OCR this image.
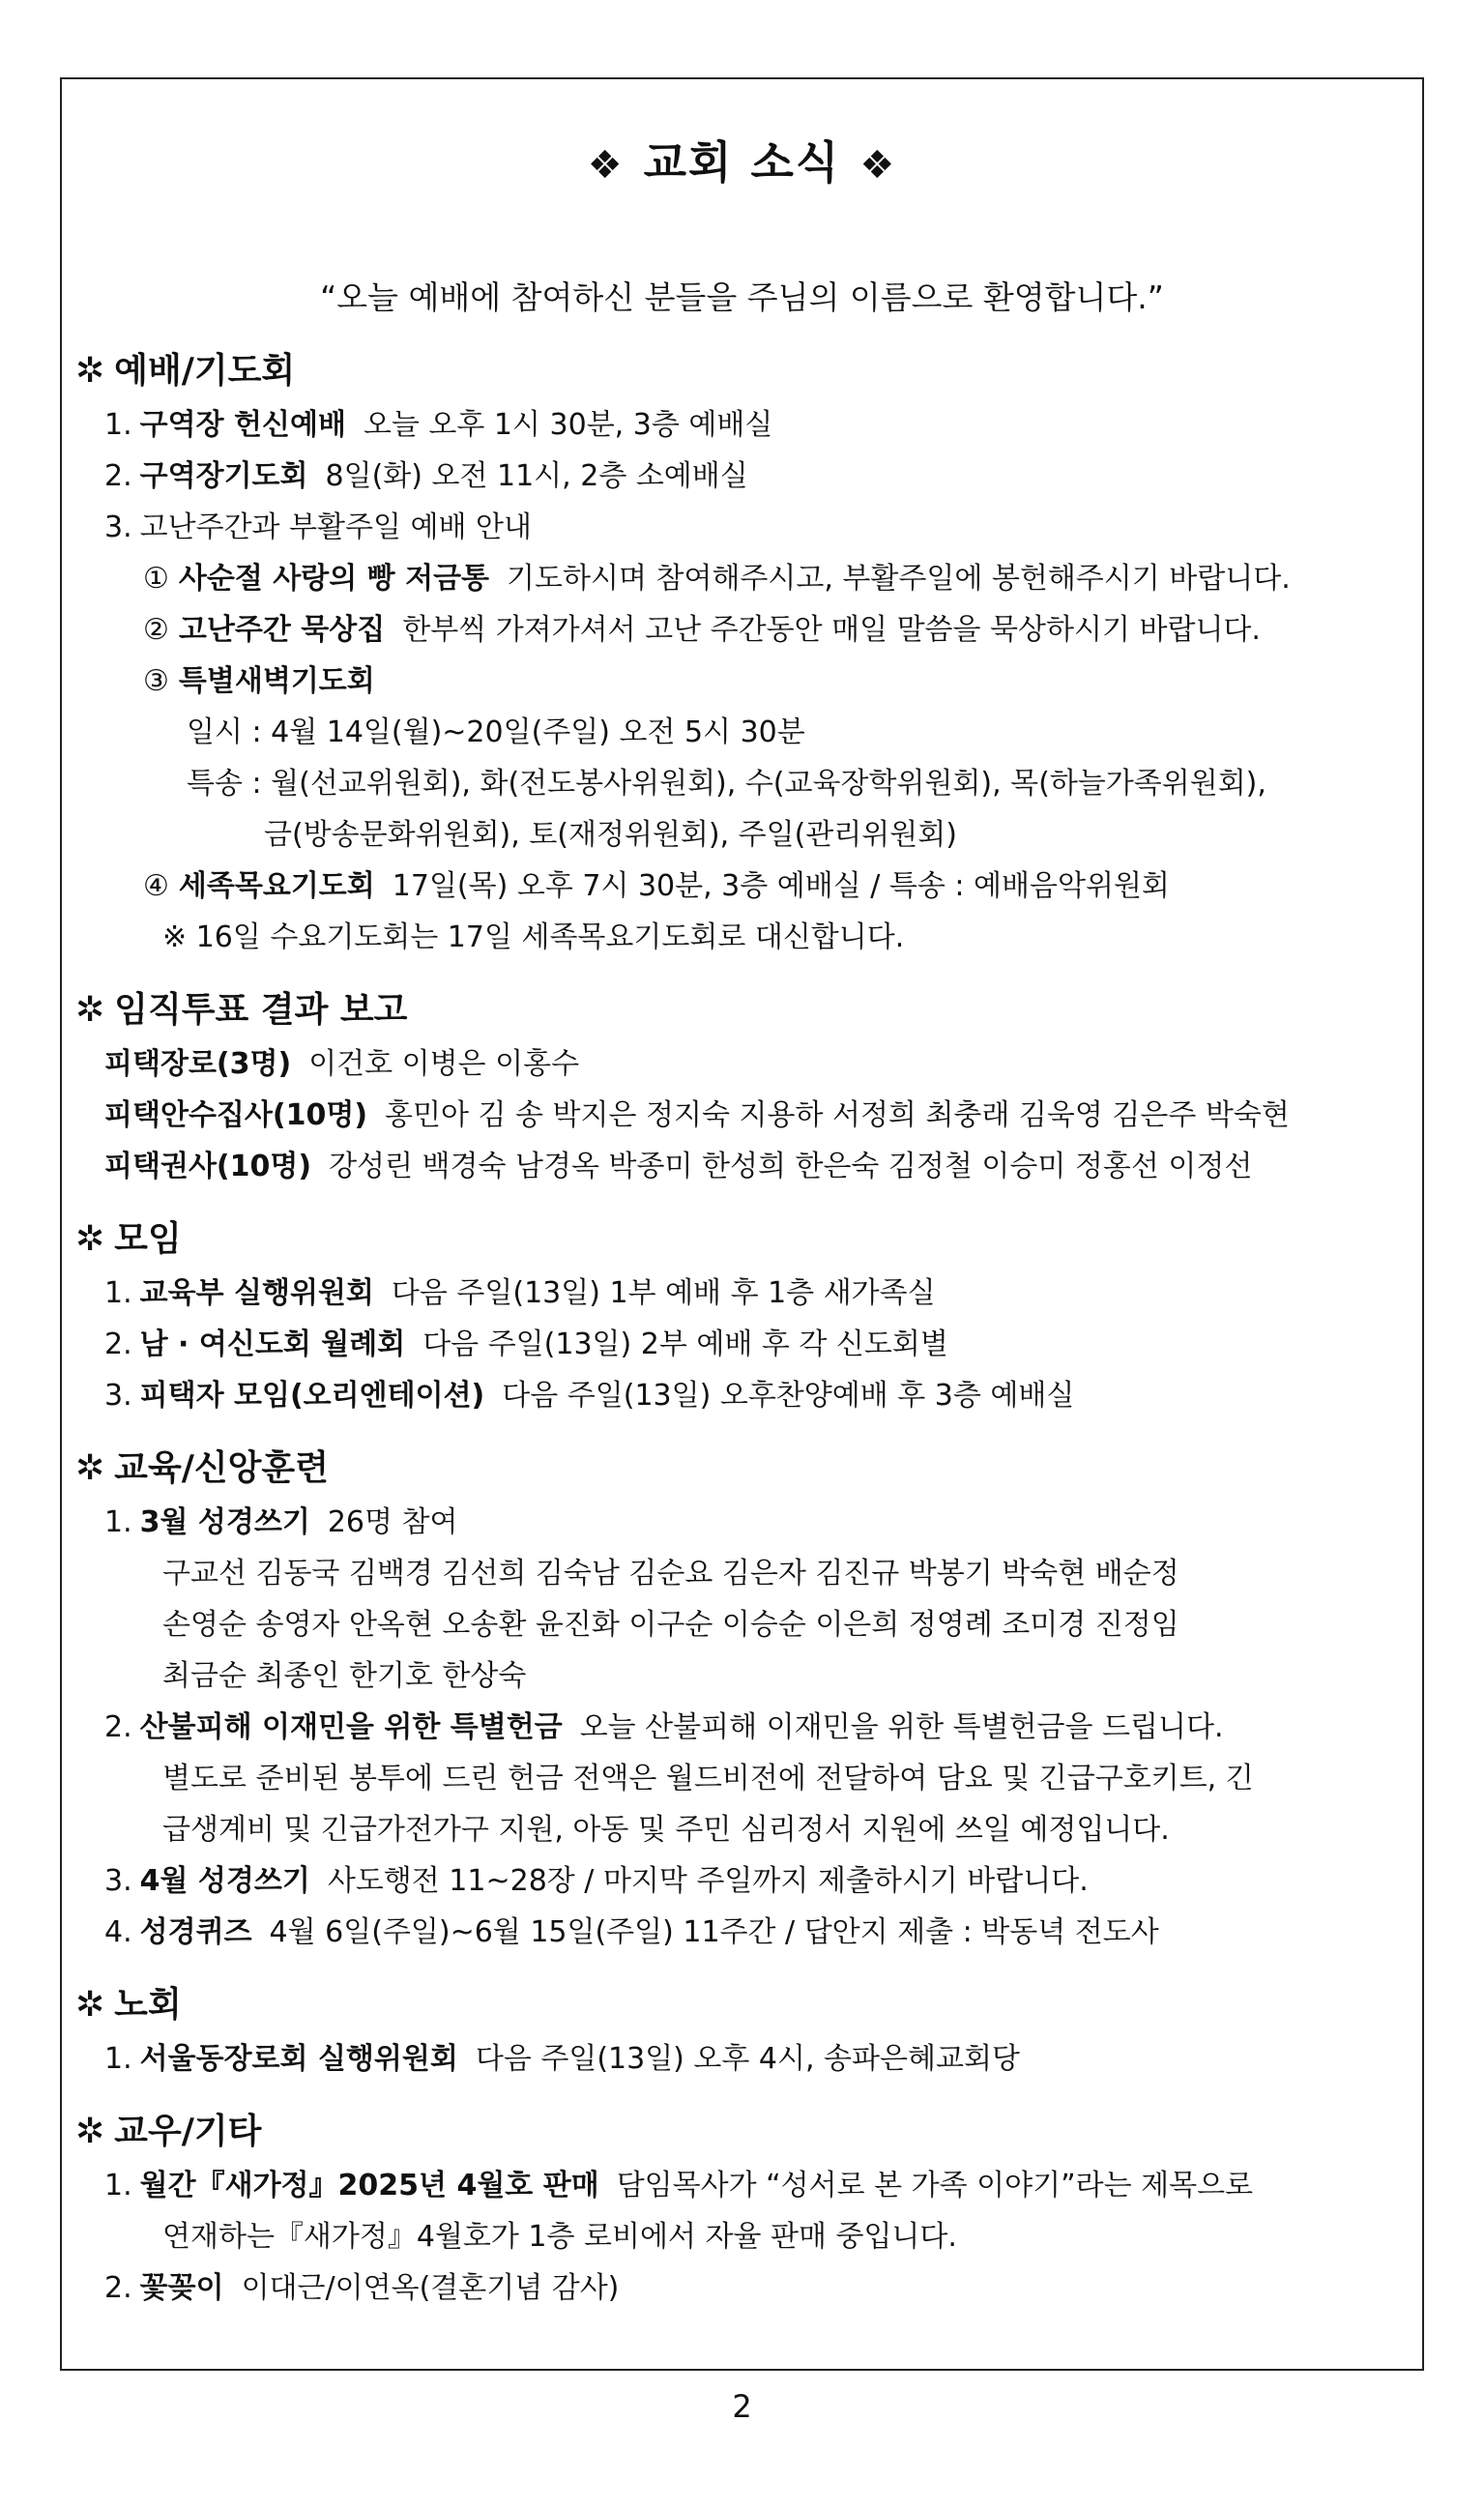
❖ 교회 소식 ❖
“오늘 예배에 참여하신 분들을 주님의 이름으로 환영합니다.”
✲ 예배/기도회
1. 구역장 헌신예배 오늘 오후 1시 30분, 3층 예배실
2. 구역장기도회 8일(화) 오전 11시, 2층 소예배실
3. 고난주간과 부활주일 예배 안내
① 사순절 사랑의 빵 저금통 기도하시며 참여해주시고, 부활주일에 봉헌해주시기 바랍니다.
② 고난주간 묵상집 한부씩 가져가셔서 고난 주간동안 매일 말씀을 묵상하시기 바랍니다.
③ 특별새벽기도회
일시 : 4월 14일(월)~20일(주일) 오전 5시 30분
특송 : 월(선교위원회), 화(전도봉사위원회), 수(교육장학위원회), 목(하늘가족위원회),
금(방송문화위원회), 토(재정위원회), 주일(관리위원회)
④ 세족목요기도회 17일(목) 오후 7시 30분, 3층 예배실 / 특송 : 예배음악위원회
※ 16일 수요기도회는 17일 세족목요기도회로 대신합니다.
✲ 임직투표 결과 보고
피택장로(3명) 이건호 이병은 이홍수
피택안수집사(10명) 홍민아 김 송 박지은 정지숙 지용하 서정희 최충래 김욱영 김은주 박숙현
피택권사(10명) 강성린 백경숙 남경옥 박종미 한성희 한은숙 김정철 이승미 정홍선 이정선
✲ 모임
1. 교육부 실행위원회 다음 주일(13일) 1부 예배 후 1층 새가족실
2. 남 · 여신도회 월례회 다음 주일(13일) 2부 예배 후 각 신도회별
3. 피택자 모임(오리엔테이션) 다음 주일(13일) 오후찬양예배 후 3층 예배실
✲ 교육/신앙훈련
1. 3월 성경쓰기 26명 참여
구교선 김동국 김백경 김선희 김숙남 김순요 김은자 김진규 박봉기 박숙현 배순정
손영순 송영자 안옥현 오송환 윤진화 이구순 이승순 이은희 정영례 조미경 진정임
최금순 최종인 한기호 한상숙
2. 산불피해 이재민을 위한 특별헌금 오늘 산불피해 이재민을 위한 특별헌금을 드립니다.
별도로 준비된 봉투에 드린 헌금 전액은 월드비전에 전달하여 담요 및 긴급구호키트, 긴
급생계비 및 긴급가전가구 지원, 아동 및 주민 심리정서 지원에 쓰일 예정입니다.
3. 4월 성경쓰기 사도행전 11~28장 / 마지막 주일까지 제출하시기 바랍니다.
4. 성경퀴즈 4월 6일(주일)~6월 15일(주일) 11주간 / 답안지 제출 : 박동녁 전도사
✲ 노회
1. 서울동장로회 실행위원회 다음 주일(13일) 오후 4시, 송파은혜교회당
✲ 교우/기타
1. 월간『새가정』2025년 4월호 판매 담임목사가 “성서로 본 가족 이야기”라는 제목으로
연재하는『새가정』4월호가 1층 로비에서 자율 판매 중입니다.
2. 꽃꽂이 이대근/이연옥(결혼기념 감사)
2
